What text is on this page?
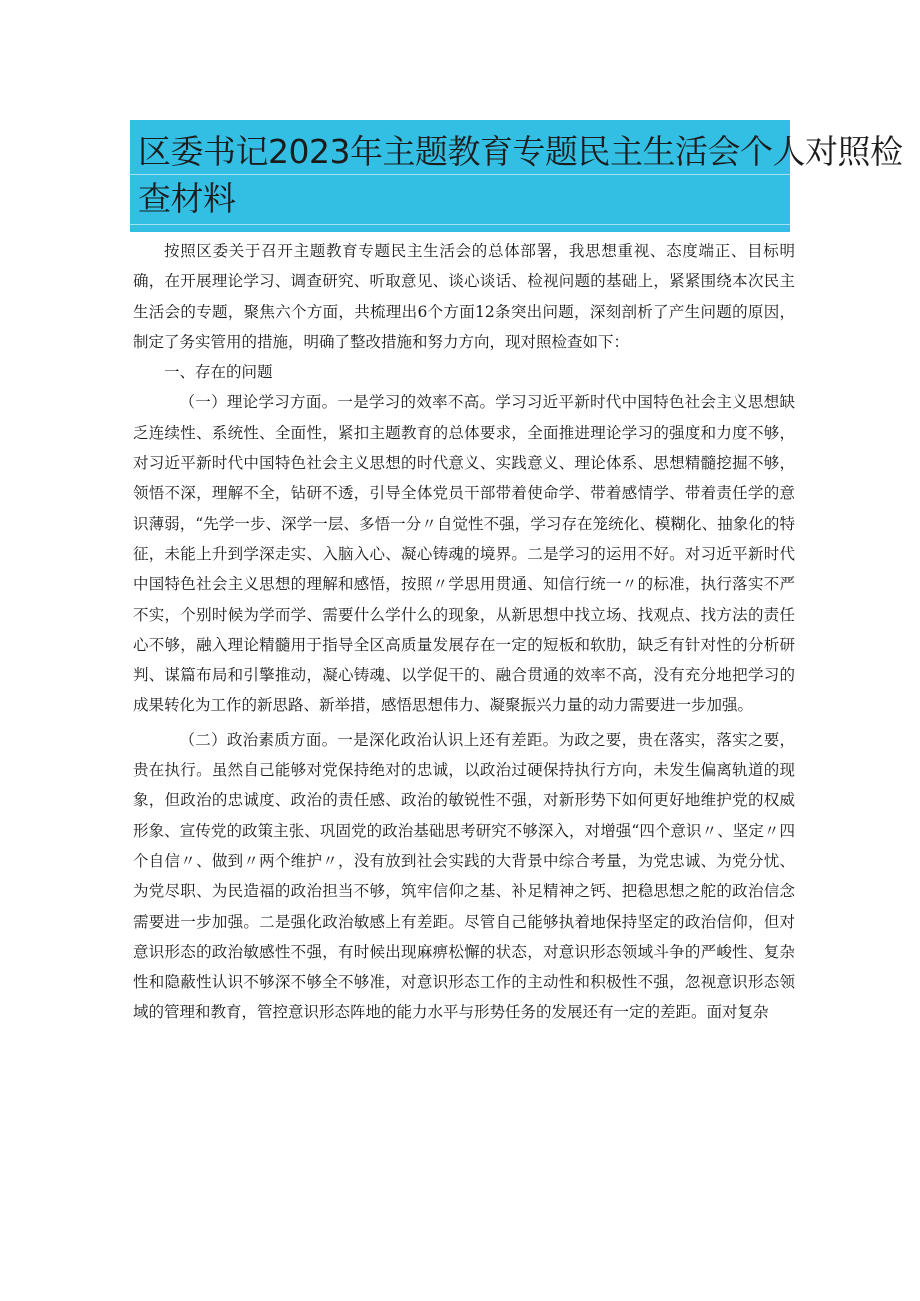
区委书记2023年主题教育专题民主生活会个人对照检
查材料

按照区委关于召开主题教育专题民主生活会的总体部署，我思想重视、态度端正、目标明确，在开展理论学习、调查研究、听取意见、谈心谈话、检视问题的基础上，紧紧围绕本次民主生活会的专题，聚焦六个方面，共梳理出6个方面12条突出问题，深刻剖析了产生问题的原因，制定了务实管用的措施，明确了整改措施和努力方向，现对照检查如下：

一、存在的问题

（一）理论学习方面。一是学习的效率不高。学习习近平新时代中国特色社会主义思想缺乏连续性、系统性、全面性，紧扣主题教育的总体要求，全面推进理论学习的强度和力度不够，对习近平新时代中国特色社会主义思想的时代意义、实践意义、理论体系、思想精髓挖掘不够，领悟不深，理解不全，钻研不透，引导全体党员干部带着使命学、带着感情学、带着责任学的意识薄弱，“先学一步、深学一层、多悟一分〃自觉性不强，学习存在笼统化、模糊化、抽象化的特征，未能上升到学深走实、入脑入心、凝心铸魂的境界。二是学习的运用不好。对习近平新时代中国特色社会主义思想的理解和感悟，按照〃学思用贯通、知信行统一〃的标准，执行落实不严不实，个别时候为学而学、需要什么学什么的现象，从新思想中找立场、找观点、找方法的责任心不够，融入理论精髓用于指导全区高质量发展存在一定的短板和软肋，缺乏有针对性的分析研判、谋篇布局和引擎推动，凝心铸魂、以学促干的、融合贯通的效率不高，没有充分地把学习的成果转化为工作的新思路、新举措，感悟思想伟力、凝聚振兴力量的动力需要进一步加强。

（二）政治素质方面。一是深化政治认识上还有差距。为政之要，贵在落实，落实之要，贵在执行。虽然自己能够对党保持绝对的忠诚，以政治过硬保持执行方向，未发生偏离轨道的现象，但政治的忠诚度、政治的责任感、政治的敏锐性不强，对新形势下如何更好地维护党的权威形象、宣传党的政策主张、巩固党的政治基础思考研究不够深入，对增强“四个意识〃、坚定〃四个自信〃、做到〃两个维护〃，没有放到社会实践的大背景中综合考量，为党忠诚、为党分忧、为党尽职、为民造福的政治担当不够，筑牢信仰之基、补足精神之钙、把稳思想之舵的政治信念需要进一步加强。二是强化政治敏感上有差距。尽管自己能够执着地保持坚定的政治信仰，但对意识形态的政治敏感性不强，有时候出现麻痹松懈的状态，对意识形态领域斗争的严峻性、复杂性和隐蔽性认识不够深不够全不够准，对意识形态工作的主动性和积极性不强，忽视意识形态领域的管理和教育，管控意识形态阵地的能力水平与形势任务的发展还有一定的差距。面对复杂
